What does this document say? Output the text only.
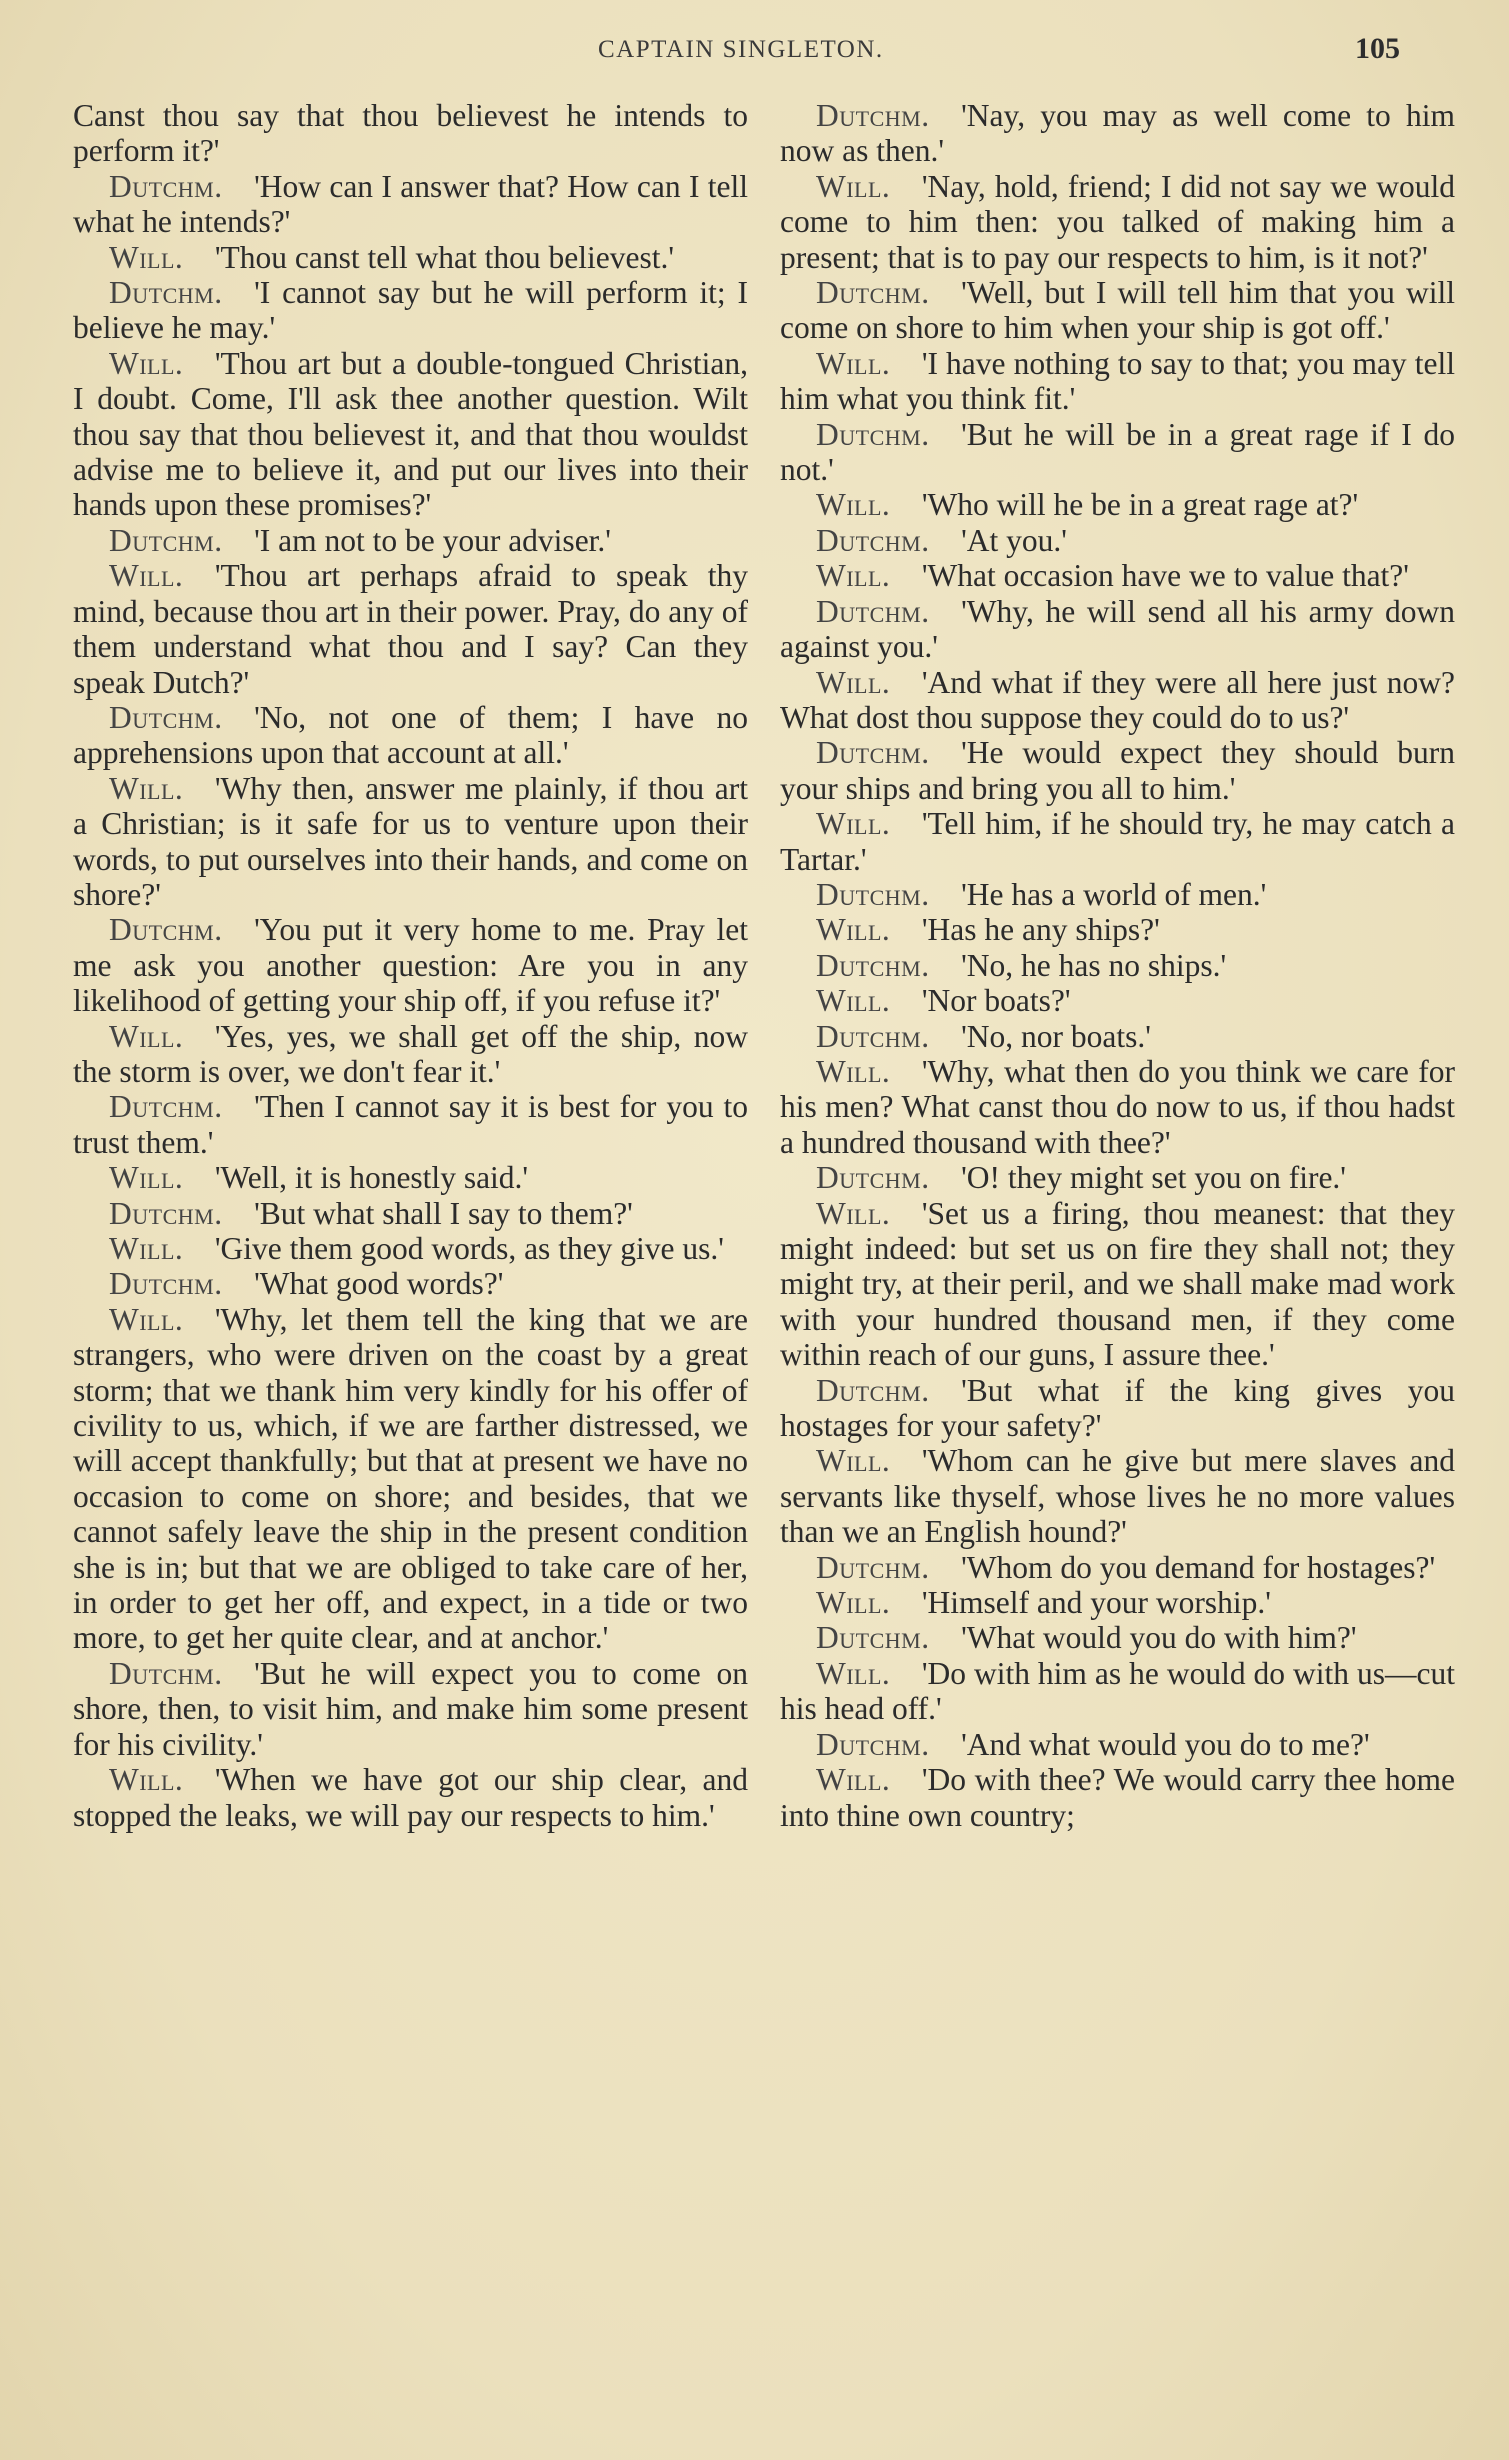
CAPTAIN SINGLETON.	105

Canst thou say that thou believest he intends to perform it?'

Dutchm.  'How can I answer that? How can I tell what he intends?'

Will.  'Thou canst tell what thou believest.'

Dutchm.  'I cannot say but he will perform it; I believe he may.'

Will.  'Thou art but a double-tongued Christian, I doubt. Come, I'll ask thee another question. Wilt thou say that thou believest it, and that thou wouldst advise me to believe it, and put our lives into their hands upon these promises?'

Dutchm.  'I am not to be your adviser.'

Will.  'Thou art perhaps afraid to speak thy mind, because thou art in their power. Pray, do any of them understand what thou and I say? Can they speak Dutch?'

Dutchm.  'No, not one of them; I have no apprehensions upon that account at all.'

Will.  'Why then, answer me plainly, if thou art a Christian; is it safe for us to venture upon their words, to put ourselves into their hands, and come on shore?'

Dutchm.  'You put it very home to me. Pray let me ask you another question: Are you in any likelihood of getting your ship off, if you refuse it?'

Will.  'Yes, yes, we shall get off the ship, now the storm is over, we don't fear it.'

Dutchm.  'Then I cannot say it is best for you to trust them.'

Will.  'Well, it is honestly said.'

Dutchm.  'But what shall I say to them?'

Will.  'Give them good words, as they give us.'

Dutchm.  'What good words?'

Will.  'Why, let them tell the king that we are strangers, who were driven on the coast by a great storm; that we thank him very kindly for his offer of civility to us, which, if we are farther distressed, we will accept thankfully; but that at present we have no occasion to come on shore; and besides, that we cannot safely leave the ship in the present condition she is in; but that we are obliged to take care of her, in order to get her off, and expect, in a tide or two more, to get her quite clear, and at anchor.'

Dutchm.  'But he will expect you to come on shore, then, to visit him, and make him some present for his civility.'

Will.  'When we have got our ship clear, and stopped the leaks, we will pay our respects to him.'

Dutchm.  'Nay, you may as well come to him now as then.'

Will.  'Nay, hold, friend; I did not say we would come to him then: you talked of making him a present; that is to pay our respects to him, is it not?'

Dutchm.  'Well, but I will tell him that you will come on shore to him when your ship is got off.'

Will.  'I have nothing to say to that; you may tell him what you think fit.'

Dutchm.  'But he will be in a great rage if I do not.'

Will.  'Who will he be in a great rage at?'

Dutchm.  'At you.'

Will.  'What occasion have we to value that?'

Dutchm.  'Why, he will send all his army down against you.'

Will.  'And what if they were all here just now? What dost thou suppose they could do to us?'

Dutchm.  'He would expect they should burn your ships and bring you all to him.'

Will.  'Tell him, if he should try, he may catch a Tartar.'

Dutchm.  'He has a world of men.'

Will.  'Has he any ships?'

Dutchm.  'No, he has no ships.'

Will.  'Nor boats?'

Dutchm.  'No, nor boats.'

Will.  'Why, what then do you think we care for his men? What canst thou do now to us, if thou hadst a hundred thousand with thee?'

Dutchm.  'O! they might set you on fire.'

Will.  'Set us a firing, thou meanest: that they might indeed: but set us on fire they shall not; they might try, at their peril, and we shall make mad work with your hundred thousand men, if they come within reach of our guns, I assure thee.'

Dutchm.  'But what if the king gives you hostages for your safety?'

Will.  'Whom can he give but mere slaves and servants like thyself, whose lives he no more values than we an English hound?'

Dutchm.  'Whom do you demand for hostages?'

Will.  'Himself and your worship.'

Dutchm.  'What would you do with him?'

Will.  'Do with him as he would do with us—cut his head off.'

Dutchm.  'And what would you do to me?'

Will.  'Do with thee? We would carry thee home into thine own country;
